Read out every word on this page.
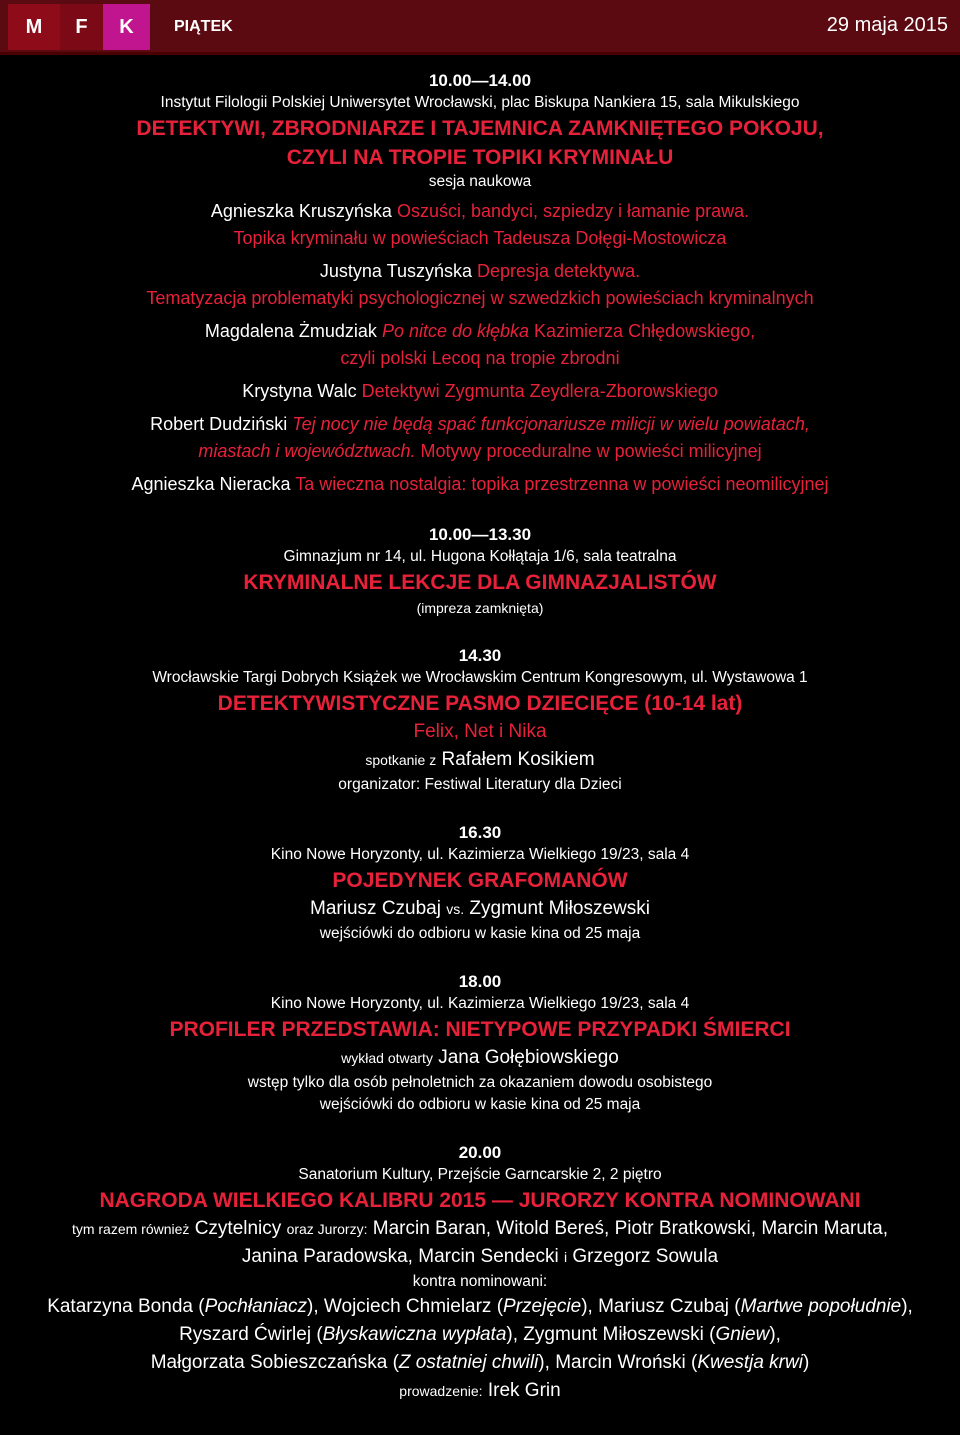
M	F	K	PIĄTEK	29 maja 2015
10.00—14.00
Instytut Filologii Polskiej Uniwersytet Wrocławski, plac Biskupa Nankiera 15, sala Mikulskiego
DETEKTYWI, ZBRODNIARZE I TAJEMNICA ZAMKNIĘTEGO POKOJU,
CZYLI NA TROPIE TOPIKI KRYMINAŁU
sesja naukowa
Agnieszka Kruszyńska Oszuści, bandyci, szpiedzy i łamanie prawa.
Topika kryminału w powieściach Tadeusza Dołęgi-Mostowicza
Justyna Tuszyńska Depresja detektywa.
Tematyzacja problematyki psychologicznej w szwedzkich powieściach kryminalnych
Magdalena Żmudziak Po nitce do kłębka Kazimierza Chłędowskiego,
czyli polski Lecoq na tropie zbrodni
Krystyna Walc Detektywi Zygmunta Zeydlera-Zborowskiego
Robert Dudziński Tej nocy nie będą spać funkcjonariusze milicji w wielu powiatach,
miastach i województwach. Motywy proceduralne w powieści milicyjnej
Agnieszka Nieracka Ta wieczna nostalgia: topika przestrzenna w powieści neomilicyjnej
10.00—13.30
Gimnazjum nr 14, ul. Hugona Kołłątaja 1/6, sala teatralna
KRYMINALNE LEKCJE DLA GIMNAZJALISTÓW
(impreza zamknięta)
14.30
Wrocławskie Targi Dobrych Książek we Wrocławskim Centrum Kongresowym, ul. Wystawowa 1
DETEKTYWISTYCZNE PASMO DZIECIĘCE (10-14 lat)
Felix, Net i Nika
spotkanie z Rafałem Kosikiem
organizator: Festiwal Literatury dla Dzieci
16.30
Kino Nowe Horyzonty, ul. Kazimierza Wielkiego 19/23, sala 4
POJEDYNEK GRAFOMANÓW
Mariusz Czubaj vs. Zygmunt Miłoszewski
wejściówki do odbioru w kasie kina od 25 maja
18.00
Kino Nowe Horyzonty, ul. Kazimierza Wielkiego 19/23, sala 4
PROFILER PRZEDSTAWIA: NIETYPOWE PRZYPADKI ŚMIERCI
wykład otwarty Jana Gołębiowskiego
wstęp tylko dla osób pełnoletnich za okazaniem dowodu osobistego
wejściówki do odbioru w kasie kina od 25 maja
20.00
Sanatorium Kultury, Przejście Garncarskie 2, 2 piętro
NAGRODA WIELKIEGO KALIBRU 2015 — JURORZY KONTRA NOMINOWANI
tym razem również Czytelnicy oraz Jurorzy: Marcin Baran, Witold Bereś, Piotr Bratkowski, Marcin Maruta,
Janina Paradowska, Marcin Sendecki i Grzegorz Sowula
kontra nominowani:
Katarzyna Bonda (Pochłaniacz), Wojciech Chmielarz (Przejęcie), Mariusz Czubaj (Martwe popołudnie),
Ryszard Ćwirlej (Błyskawiczna wypłata), Zygmunt Miłoszewski (Gniew),
Małgorzata Sobieszczańska (Z ostatniej chwili), Marcin Wroński (Kwestja krwi)
prowadzenie: Irek Grin
